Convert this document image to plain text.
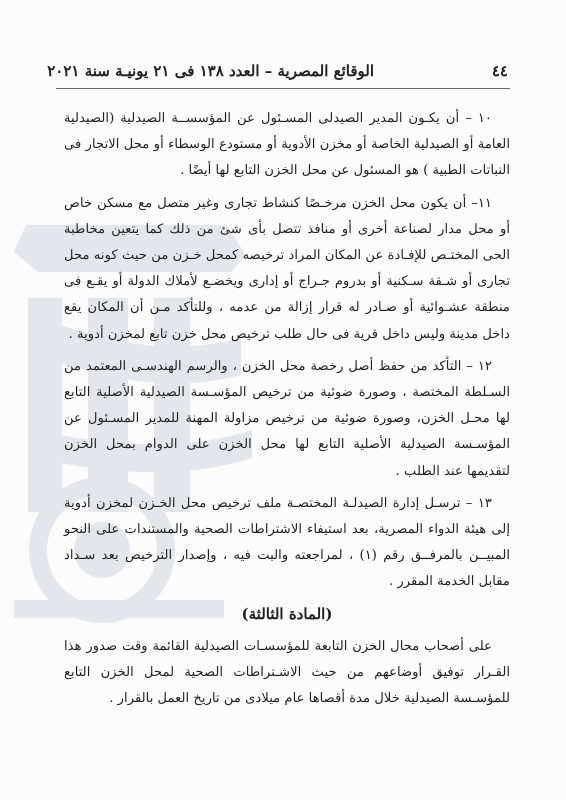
٤٤
الوقائع المصرية – العدد ١٣٨ فى ٢١ يونيـة سنة ٢٠٢١

١٠ – أن يكـون المدير الصيدلى المسـئول عن المؤسســة الصيدلية (الصيدلية العامة أو الصيدلية الخاصة أو مخزن الأدوية أو مستودع الوسطاء أو محل الاتجار فى النباتات الطبية ) هو المسئول عن محل الخزن التابع لها أيضًا .

١١– أن يكون محل الخزن مرخـصًا كنشاط تجارى وغير متصل مع مسكن خاص أو محل مدار لصناعة أخرى أو منافذ تتصل بأى شئ من ذلك كما يتعين مخاطبة الحى المختـص للإفـادة عن المكان المراد ترخيصه كمحل خـزن من حيث كونه محل تجارى أو شـقة سـكنية أو بدروم جـراج أو إدارى ويخضـع لأملاك الدولة أو يقـع فى منطقة عشـوائية أو صـادر له قرار إزالة من عدمه ، وللتأكد مـن أن المكان يقع داخل مدينة وليس داخل قرية فى حال طلب ترخيص محل خزن تابع لمخزن أدوية .

١٢ – التأكد من حفظ أصل رخصة محل الخزن ، والرسم الهندسـى المعتمد من السـلطة المختصة ، وصورة ضوئية من ترخيص المؤسـسة الصيدلية الأصلية التابع لها محـل الخزن، وصورة ضوئية من ترخيص مزاولة المهنة للمدير المسـئول عن المؤسـسة الصيدلية الأصلية التابع لها محل الخزن على الدوام بمحل الخزن لتقديمها عند الطلب .

١٣ – ترسـل إدارة الصيدلـة المختصـة ملف ترخيص محل الخـزن لمخزن أدوية إلى هيئة الدواء المصرية، بعد استيفاء الاشتراطات الصحية والمستندات على النحو المبيــن بالمرفــق رقم (١) ، لمراجعته والبت فيه ، وإصدار الترخيص بعد سـداد مقابل الخدمة المقرر .

(المادة الثالثة)

على أصحاب محال الخزن التابعة للمؤسسـات الصيدلية القائمة وقت صدور هذا القـرار توفيق أوضاعهم من حيث الاشـتراطات الصحية لمحل الخزن التابع للمؤسـسة الصيدلية خلال مدة أقصاها عام ميلادى من تاريخ العمل بالقرار .
